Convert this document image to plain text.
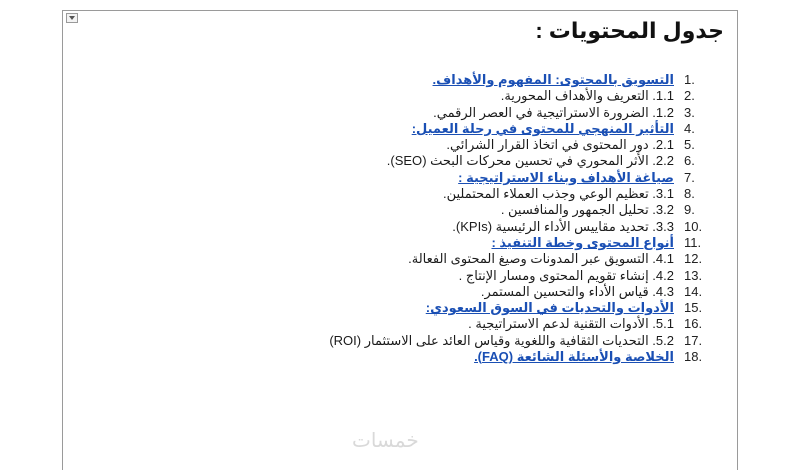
جدول المحتويات :
1.
التسويق بالمحتوى: المفهوم والأهداف.
2.
1.1. التعريف والأهداف المحورية.
3.
1.2. الضرورة الاستراتيجية في العصر الرقمي.
4.
التأثير المنهجي للمحتوى في رحلة العميل:
5.
2.1. دور المحتوى في اتخاذ القرار الشرائي.
6.
2.2. الأثر المحوري في تحسين محركات البحث (SEO).
7.
صياغة الأهداف وبناء الاستراتيجية :
8.
3.1. تعظيم الوعي وجذب العملاء المحتملين.
9.
3.2. تحليل الجمهور والمنافسين .
10.
3.3. تحديد مقاييس الأداء الرئيسية (KPIs).
11.
أنواع المحتوى وخطة التنفيذ :
12.
4.1. التسويق عبر المدونات وصيغ المحتوى الفعالة.
13.
4.2. إنشاء تقويم المحتوى ومسار الإنتاج .
14.
4.3. قياس الأداء والتحسين المستمر.
15.
الأدوات والتحديات في السوق السعودي:
16.
5.1. الأدوات التقنية لدعم الاستراتيجية .
17.
5.2. التحديات الثقافية واللغوية وقياس العائد على الاستثمار (ROI)
18.
الخلاصة والأسئلة الشائعة (FAQ).
خمسات
